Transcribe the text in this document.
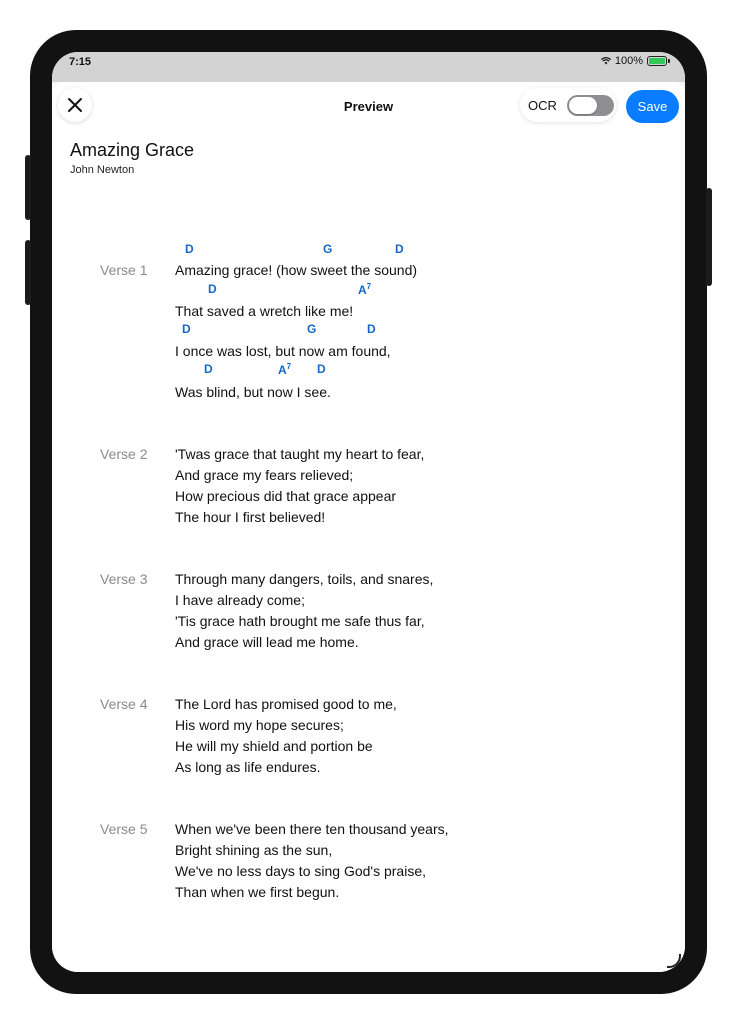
7:15	100%
Preview	OCR	Save
Amazing Grace
John Newton
D	G	D
D	$A^7$
D	G	D
D	$A^7$ D
Verse 1 Amazing grace! (how sweet the sound)
That saved a wretch like me!
I once was lost, but now am found,
Was blind, but now I see.
Verse 2 'Twas grace that taught my heart to fear,
And grace my fears relieved;
How precious did that grace appear
The hour I first believed!
Verse 3 Through many dangers, toils, and snares,
I have already come;
'Tis grace hath brought me safe thus far,
And grace will lead me home.
Verse 4 The Lord has promised good to me,
His word my hope secures;
He will my shield and portion be
As long as life endures.
Verse 5 When we've been there ten thousand years,
Bright shining as the sun,
We've no less days to sing God's praise,
Than when we first begun.
